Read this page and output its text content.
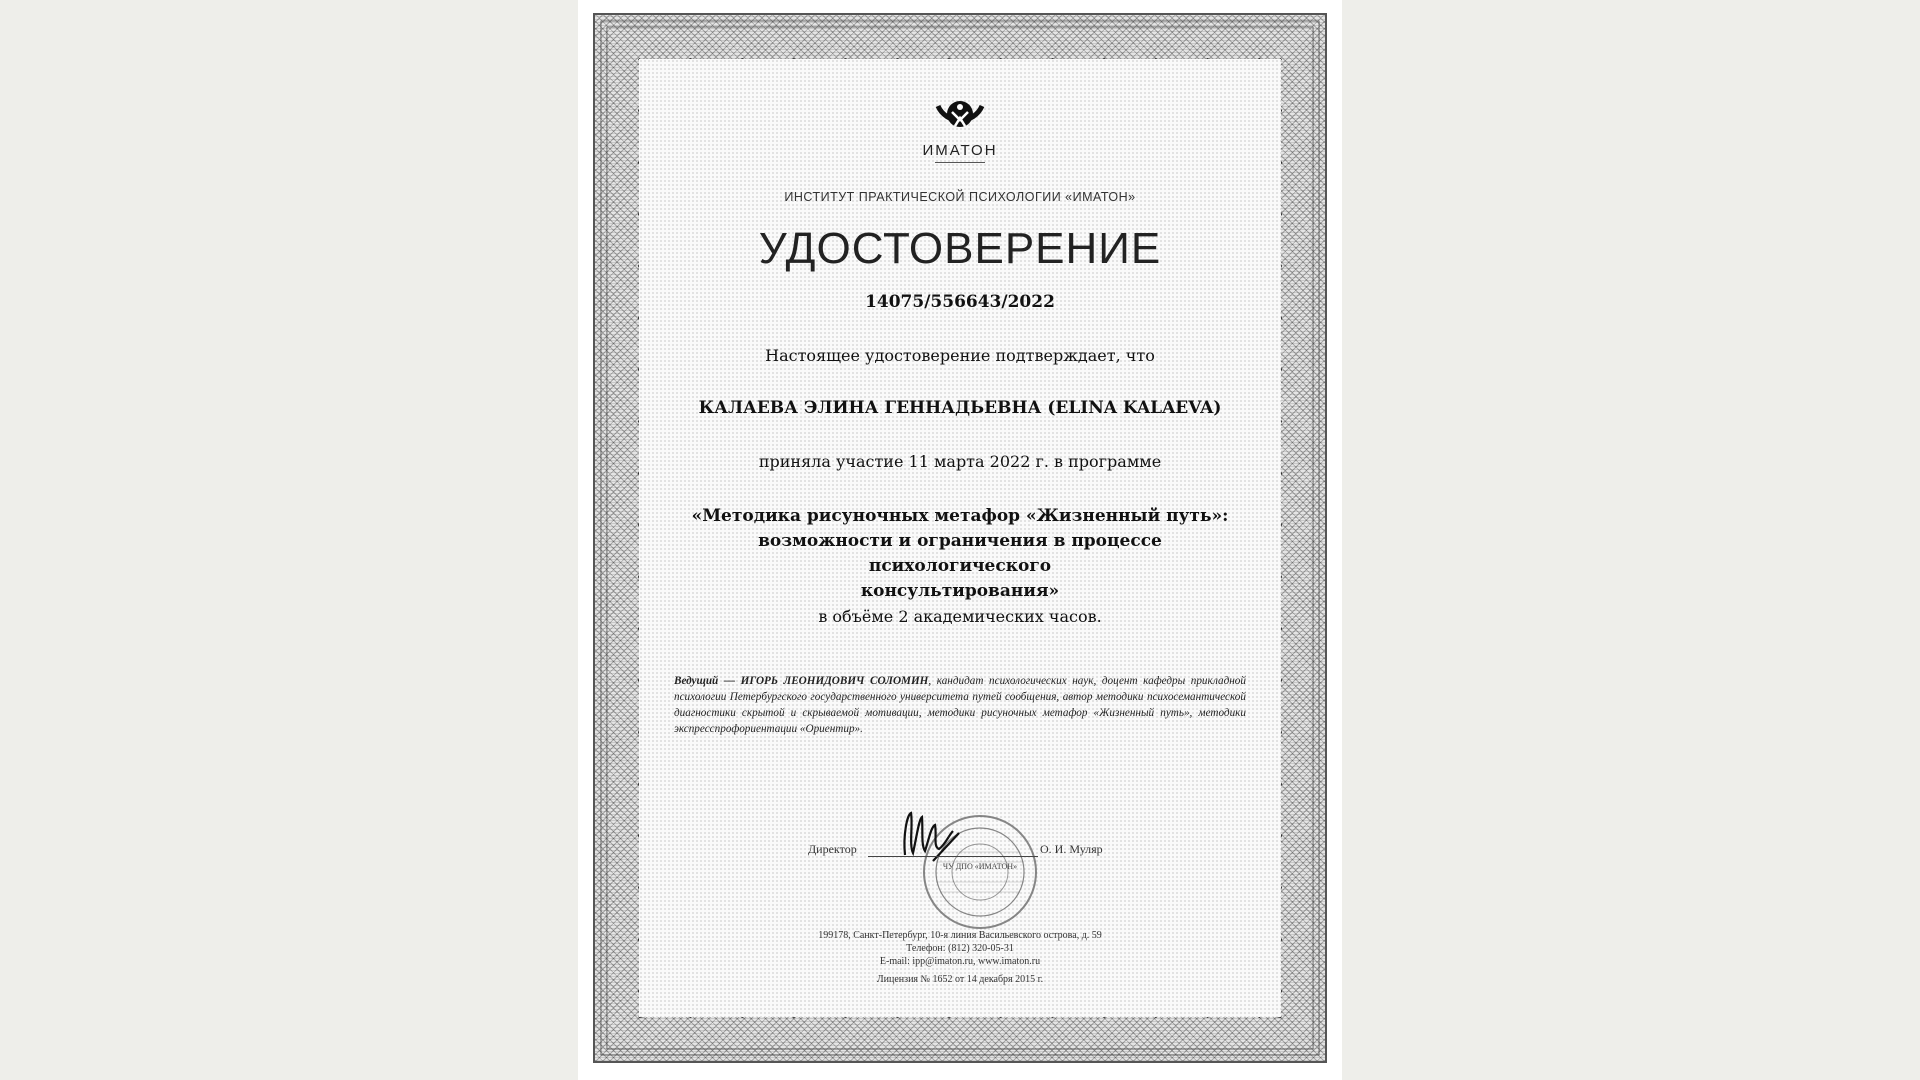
ИМАТОН
ИНСТИТУТ ПРАКТИЧЕСКОЙ ПСИХОЛОГИИ «ИМАТОН»
УДОСТОВЕРЕНИЕ
14075/556643/2022
Настоящее удостоверение подтверждает, что
КАЛАЕВА ЭЛИНА ГЕННАДЬЕВНА (ELINA KALAEVA)
приняла участие 11 марта 2022 г. в программе
«Методика рисуночных метафор «Жизненный путь»:
возможности и ограничения в процессе психологического
консультирования»
в объёме 2 академических часов.
Ведущий — ИГОРЬ ЛЕОНИДОВИЧ СОЛОМИН, кандидат психологических наук, доцент кафедры прикладной психологии Петербургского государственного университета путей сообщения, автор методики психосемантической диагностики скрытой и скрываемой мотивации, методики рисуночных метафор «Жизненный путь», методики экспресспрофориентации «Ориентир».
ЧУ ДПО «ИМАТОН»
Директор	О. И. Муляр
199178, Санкт-Петербург, 10-я линия Васильевского острова, д. 59
Телефон: (812) 320-05-31
E-mail: ipp@imaton.ru, www.imaton.ru
Лицензия № 1652 от 14 декабря 2015 г.
